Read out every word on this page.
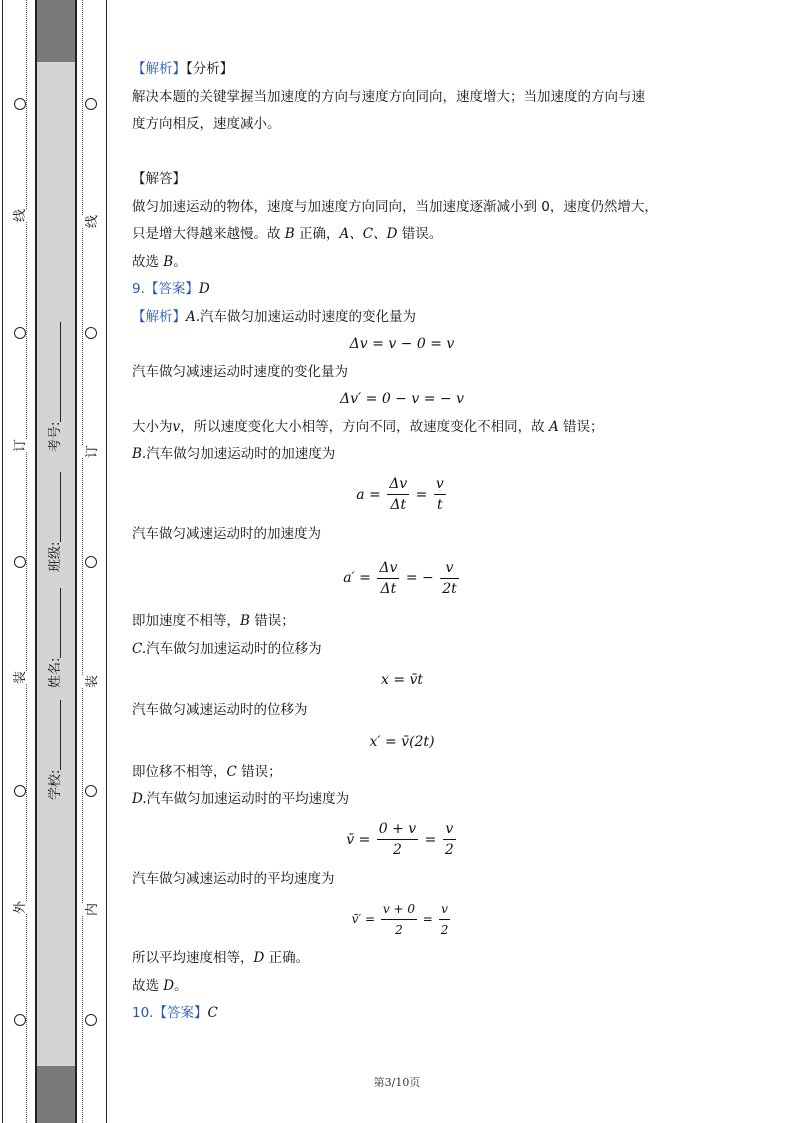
线
订
装
外
线
订
装
内
学校:
姓名:
班级:
考号:
【解析】【分析】
解决本题的关键掌握当加速度的方向与速度方向同向，速度增大；当加速度的方向与速
度方向相反，速度减小。
【解答】
做匀加速运动的物体，速度与加速度方向同向，当加速度逐渐减小到 0，速度仍然增大，
只是增大得越来越慢。故 B 正确，A、C、D 错误。
故选 B。
9.【答案】D
【解析】A.汽车做匀加速运动时速度的变化量为
Δv = v − 0 = v
汽车做匀减速运动时速度的变化量为
Δv′ = 0 − v = − v
大小为v，所以速度变化大小相等，方向不同，故速度变化不相同，故 A 错误；
B.汽车做匀加速运动时的加速度为
$a = \frac{\Delta v}{\Delta t} = \frac{v}{t}$
汽车做匀减速运动时的加速度为
$a' = \frac{\Delta v}{\Delta t}$ = − $\frac{v}{2t}$
即加速度不相等，B 错误；
C.汽车做匀加速运动时的位移为
x = v̄t
汽车做匀减速运动时的位移为
x′ = v̄(2t)
即位移不相等，C 错误；
D.汽车做匀加速运动时的平均速度为
v̄ = $\frac{0 + v}{2} = \frac{v}{2}$
汽车做匀减速运动时的平均速度为
v̄′ = $\frac{v + 0}{2} = \frac{v}{2}$
所以平均速度相等，D 正确。
故选 D。
10.【答案】C
第3/10页
